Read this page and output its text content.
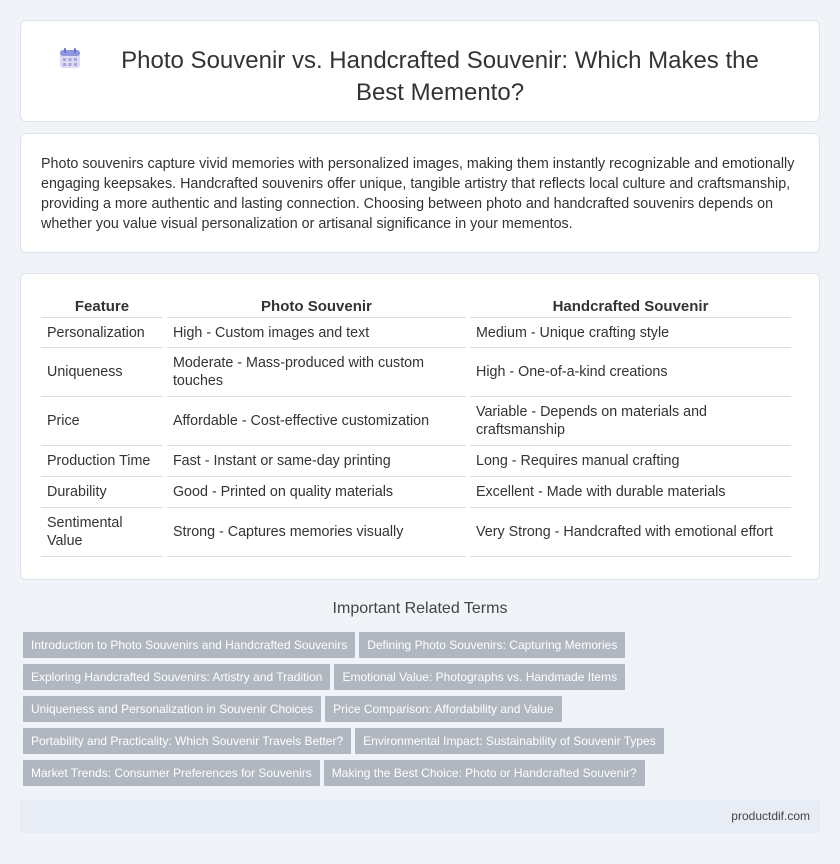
Photo Souvenir vs. Handcrafted Souvenir: Which Makes the Best Memento?

Photo souvenirs capture vivid memories with personalized images, making them instantly recognizable and emotionally engaging keepsakes. Handcrafted souvenirs offer unique, tangible artistry that reflects local culture and craftsmanship, providing a more authentic and lasting connection. Choosing between photo and handcrafted souvenirs depends on whether you value visual personalization or artisanal significance in your mementos.

Feature	Photo Souvenir	Handcrafted Souvenir
Personalization	High - Custom images and text	Medium - Unique crafting style
Uniqueness	Moderate - Mass-produced with custom touches	High - One-of-a-kind creations
Price	Affordable - Cost-effective customization	Variable - Depends on materials and craftsmanship
Production Time	Fast - Instant or same-day printing	Long - Requires manual crafting
Durability	Good - Printed on quality materials	Excellent - Made with durable materials
Sentimental Value	Strong - Captures memories visually	Very Strong - Handcrafted with emotional effort
Important Related Terms
Introduction to Photo Souvenirs and Handcrafted Souvenirs Defining Photo Souvenirs: Capturing Memories
Exploring Handcrafted Souvenirs: Artistry and Tradition Emotional Value: Photographs vs. Handmade Items
Uniqueness and Personalization in Souvenir Choices Price Comparison: Affordability and Value
Portability and Practicality: Which Souvenir Travels Better? Environmental Impact: Sustainability of Souvenir Types
Market Trends: Consumer Preferences for Souvenirs Making the Best Choice: Photo or Handcrafted Souvenir?
productdif.com
